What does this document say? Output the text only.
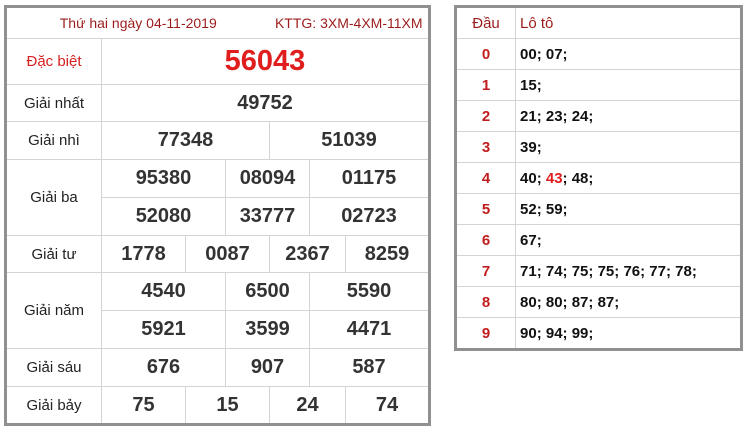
Thứ hai ngày 04-11-2019				KTTG: 3XM-4XM-11XM		
Đặc biệt	56043					
Giải nhất	49752					
Giải nhì	77348			51039		
Giải ba	95380		08094		01175	
	52080		33777		02723	
Giải tư	1778	0087		2367		8259
Giải năm	4540		6500		5590	
	5921		3599		4471	
Giải sáu	676		907		587	
Giải bảy	75	15		24		74
Đầu	Lô tô
0	00; 07;
1	15;
2	21; 23; 24;
3	39;
4	40; 43; 48;
5	52; 59;
6	67;
7	71; 74; 75; 75; 76; 77; 78;
8	80; 80; 87; 87;
9	90; 94; 99;
